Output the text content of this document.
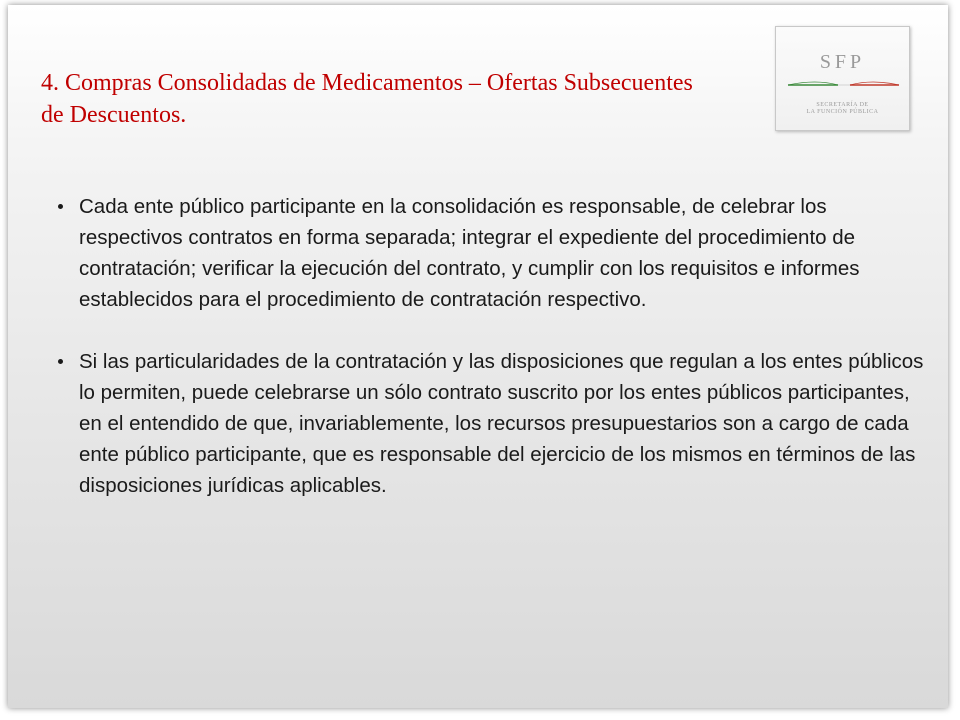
4. Compras Consolidadas de Medicamentos – Ofertas Subsecuentes de Descuentos.
SFP
SECRETARÍA DE
LA FUNCIÓN PÚBLICA
Cada ente público participante en la consolidación es responsable, de celebrar los respectivos contratos en forma separada; integrar el expediente del procedimiento de contratación; verificar la ejecución del contrato, y cumplir con los requisitos e informes establecidos para el procedimiento de contratación respectivo.
Si las particularidades de la contratación y las disposiciones que regulan a los entes públicos lo permiten, puede celebrarse un sólo contrato suscrito por los entes públicos participantes, en el entendido de que, invariablemente, los recursos presupuestarios son a cargo de cada ente público participante, que es responsable del ejercicio de los mismos en términos de las disposiciones jurídicas aplicables.
